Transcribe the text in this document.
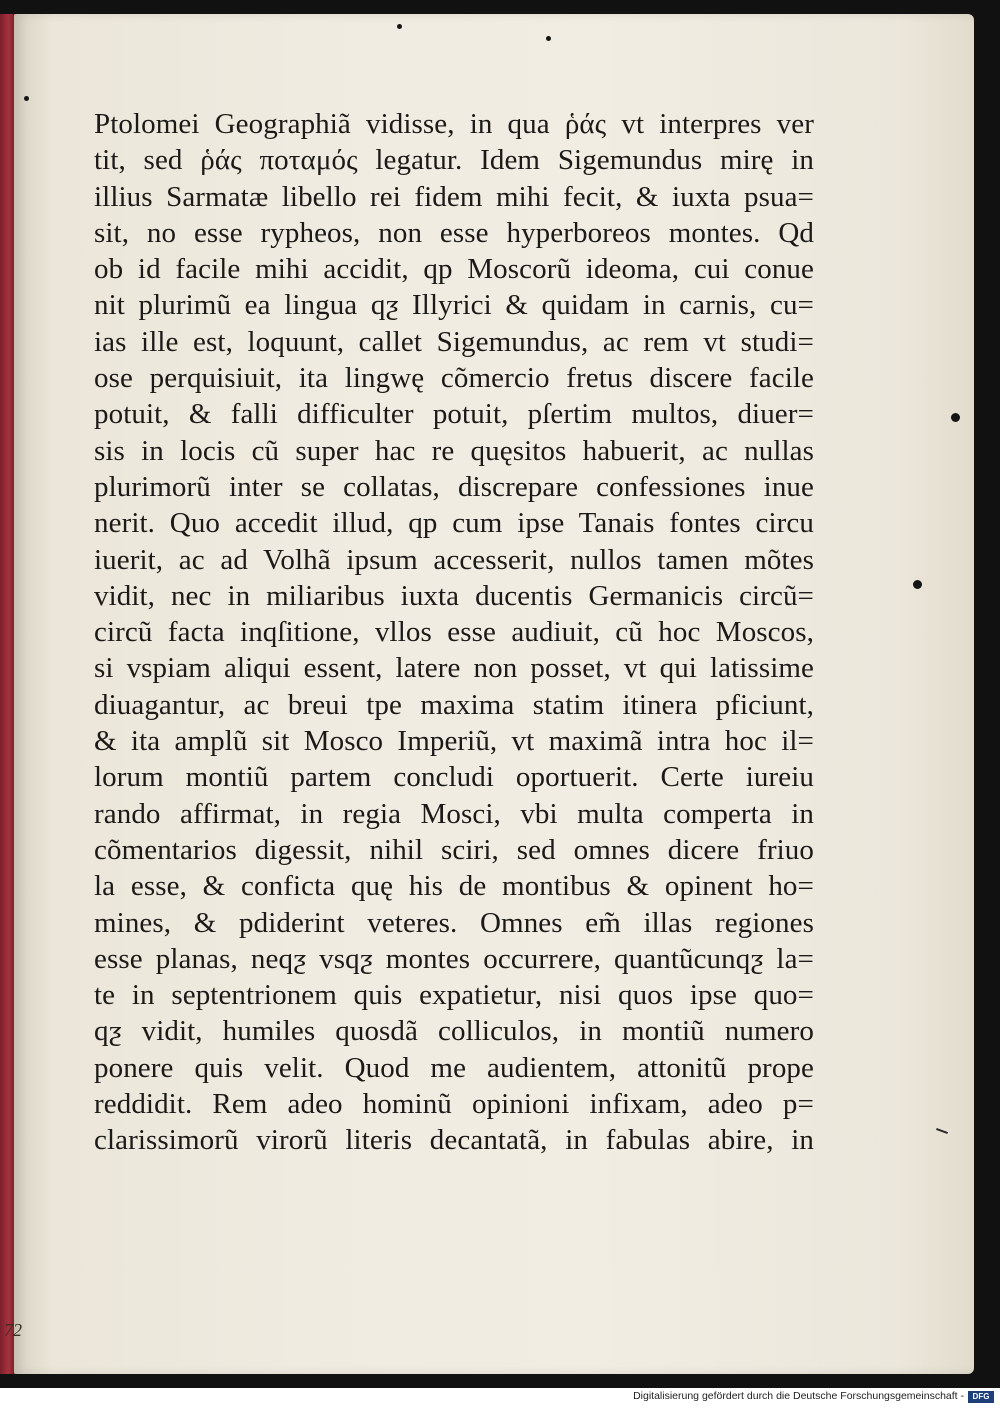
Ptolomei Geographiã vidisse, in qua ῥάς vt interpres ver
tit, sed ῥάς ποταμός legatur. Idem Sigemundus mirę in
illius Sarmatæ libello rei fidem mihi fecit, & iuxta psua=
sit, no esse rypheos, non esse hyperboreos montes. Qd
ob id facile mihi accidit, qp Moscorũ ideoma, cui conue
nit plurimũ ea lingua qƺ Illyrici & quidam in carnis, cu=
ias ille est, loquunt, callet Sigemundus, ac rem vt studi=
ose perquisiuit, ita lingwę cõmercio fretus discere facile
potuit, & falli difficulter potuit, pſertim multos, diuer=
sis in locis cũ super hac re quęsitos habuerit, ac nullas
plurimorũ inter se collatas, discrepare confessiones inue
nerit. Quo accedit illud, qp cum ipse Tanais fontes circu
iuerit, ac ad Volhã ipsum accesserit, nullos tamen mõtes
vidit, nec in miliaribus iuxta ducentis Germanicis circũ=
circũ facta inqſitione, vllos esse audiuit, cũ hoc Moscos,
si vspiam aliqui essent, latere non posset, vt qui latissime
diuagantur, ac breui tpe maxima statim itinera pficiunt,
& ita amplũ sit Mosco Imperiũ, vt maximã intra hoc il=
lorum montiũ partem concludi oportuerit. Certe iureiu
rando affirmat, in regia Mosci, vbi multa comperta in
cõmentarios digessit, nihil sciri, sed omnes dicere friuo
la esse, & conficta quę his de montibus & opinent ho=
mines, & pdiderint veteres. Omnes em̃ illas regiones
esse planas, neqƺ vsqƺ montes occurrere, quantũcunqƺ la=
te in septentrionem quis expatietur, nisi quos ipse quo=
qƺ vidit, humiles quosdã colliculos, in montiũ numero
ponere quis velit. Quod me audientem, attonitũ prope
reddidit. Rem adeo hominũ opinioni infixam, adeo p=
clarissimorũ virorũ literis decantatã, in fabulas abire, in
72
Digitalisierung gefördert durch die Deutsche Forschungsgemeinschaft -	DFG
